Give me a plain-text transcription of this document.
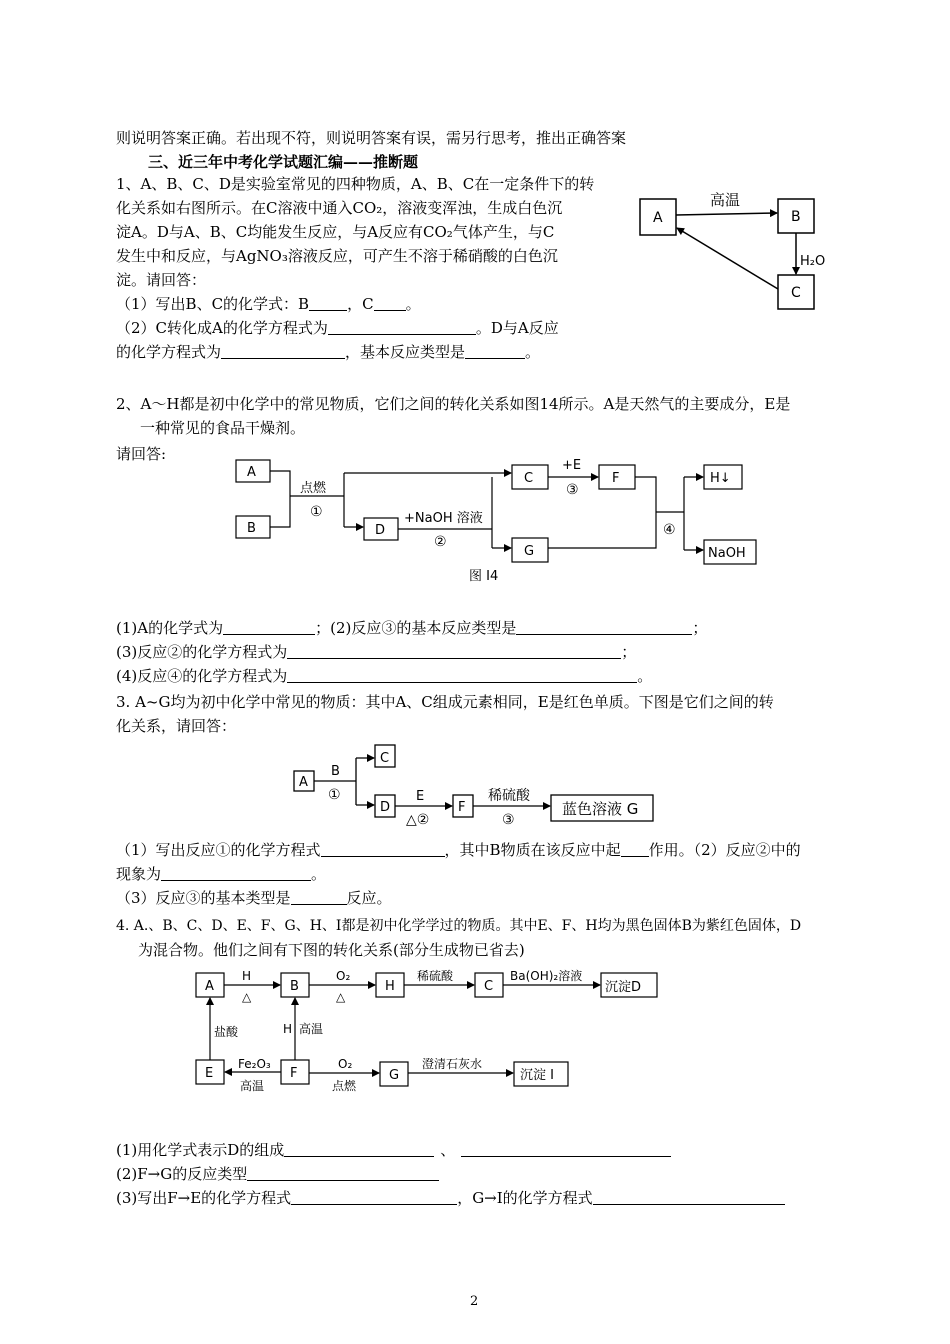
则说明答案正确。若出现不符，则说明答案有误，需另行思考，推出正确答案
三、近三年中考化学试题汇编——推断题
1、A、B、C、D是实验室常见的四种物质，A、B、C在一定条件下的转
化关系如右图所示。在C溶液中通入CO₂，溶液变浑浊，生成白色沉
淀A。D与A、B、C均能发生反应，与A反应有CO₂气体产生，与C
发生中和反应，与AgNO₃溶液反应，可产生不溶于稀硝酸的白色沉
淀。请回答：
（1）写出B、C的化学式：B	，C 。
（2）C转化成A的化学方程式为	。D与A反应
的化学方程式为	，基本反应类型是	。
2、A～H都是初中化学中的常见物质，它们之间的转化关系如图14所示。A是天然气的主要成分，E是
一种常见的食品干燥剂。
请回答:
(1)A的化学式为	；(2)反应③的基本反应类型是	；
(3)反应②的化学方程式为	；
(4)反应④的化学方程式为	。
3. A~G均为初中化学中常见的物质：其中A、C组成元素相同，E是红色单质。下图是它们之间的转
化关系，请回答：
（1）写出反应①的化学方程式	，其中B物质在该反应中起 作用。（2）反应②中的
现象为	。
（3）反应③的基本类型是	反应。
4. A.、B、C、D、E、F、G、H、I都是初中化学学过的物质。其中E、F、H均为黑色固体B为紫红色固体，D
为混合物。他们之间有下图的转化关系(部分生成物已省去)
(1)用化学式表示D的组成	、
(2)F→G的反应类型
(3)写出F→E的化学方程式	，G→I的化学方程式
2
A	B
C
高温
H₂O
A
B	D
C
G
F	H↓
NaOH
点燃
①	+NaOH 溶液
②
+E
③
④
图 I4
A
C
D	F	蓝色溶液 G
B
①	E
△②
稀硫酸
③
A	B	H	C	沉淀D
E	F	G	沉淀 I
H
△
O₂
△
稀硫酸	Ba(OH)₂溶液
盐酸	H 高温
Fe₂O₃
高温
O₂
点燃
澄清石灰水
